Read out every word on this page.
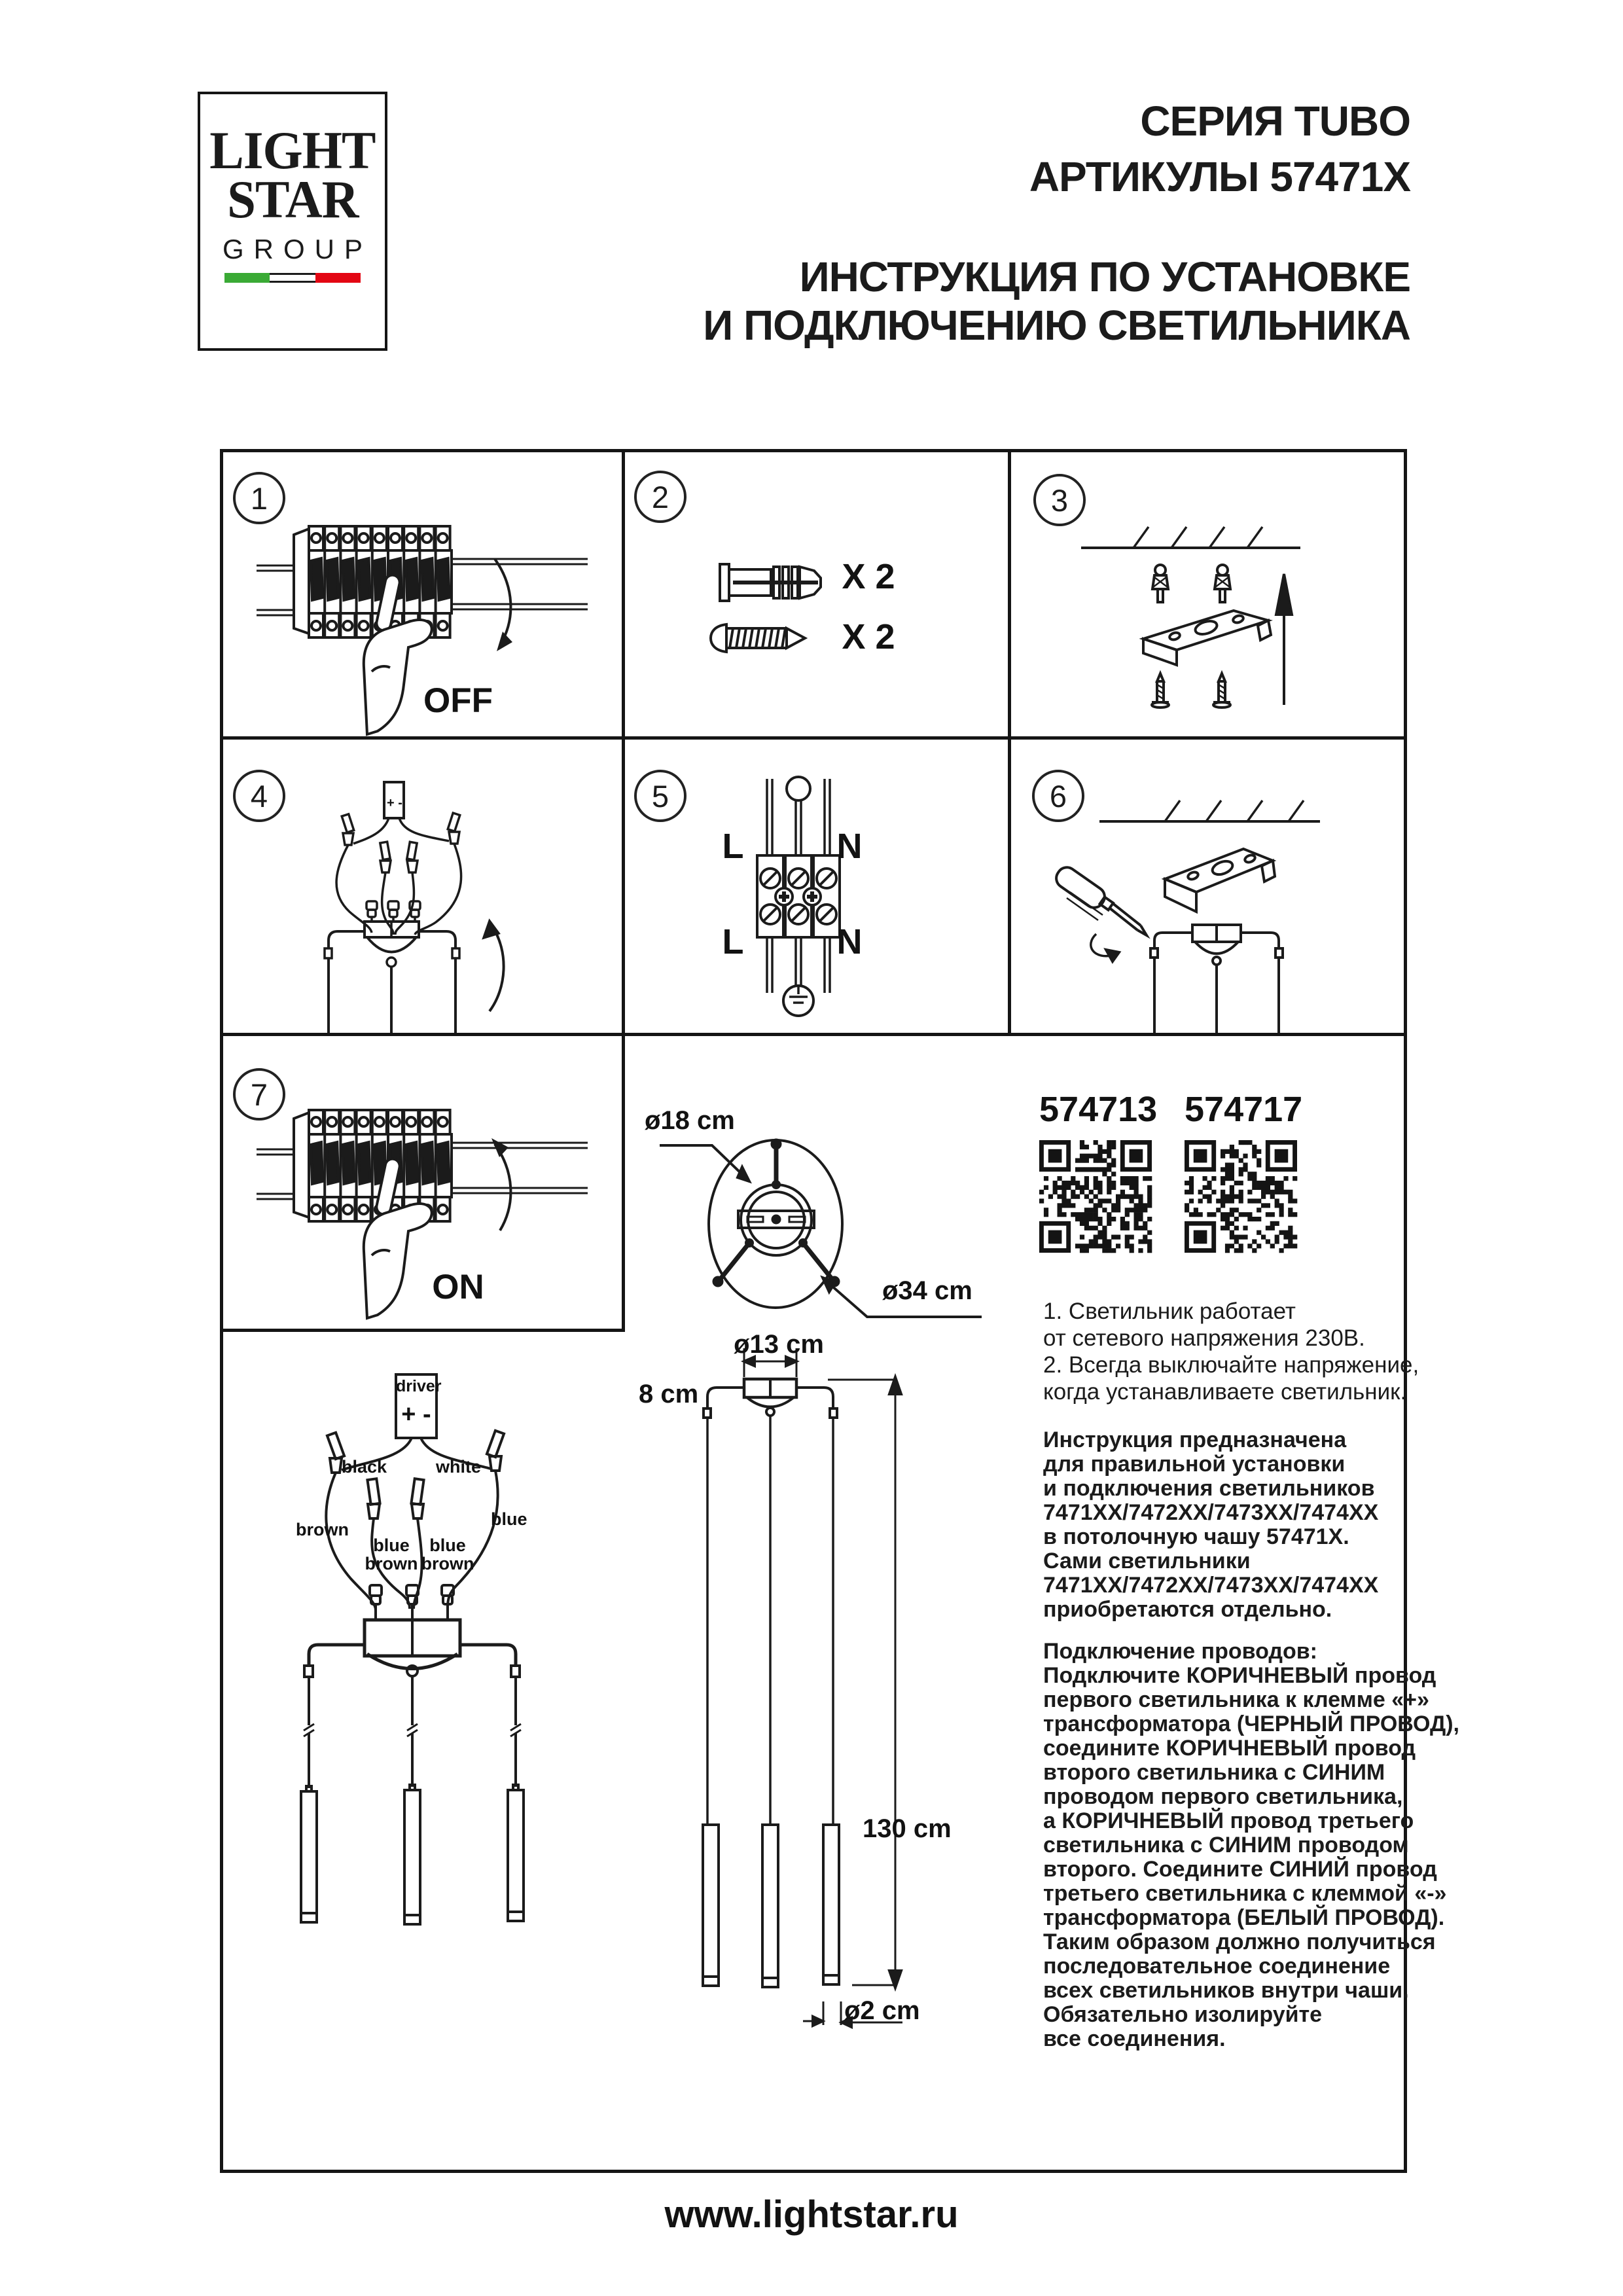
LIGHT
STAR
GROUP
СЕРИЯ TUBO
АРТИКУЛЫ 57471X
ИНСТРУКЦИЯ ПО УСТАНОВКЕ
И ПОДКЛЮЧЕНИЮ СВЕТИЛЬНИКА
1	2	3
4	5	6
7
OFF
X 2
X 2
+ -
L	N
L	N
ON
ø18 cm
ø34 cm
574713 574717
1. Светильник работает
от сетевого напряжения 230В.
2. Всегда выключайте напряжение,
когда устанавливаете светильник.
Инструкция предназначена
для правильной установки
и подключения светильников
7471ХХ/7472ХХ/7473ХХ/7474ХХ
в потолочную чашу 57471Х.
Сами светильники
7471ХХ/7472ХХ/7473ХХ/7474ХХ
приобретаются отдельно.
Подключение проводов:
Подключите КОРИЧНЕВЫЙ провод
первого светильника к клемме «+»
трансформатора (ЧЕРНЫЙ ПРОВОД),
соедините КОРИЧНЕВЫЙ провод
второго светильника с СИНИМ
проводом первого светильника,
а КОРИЧНЕВЫЙ провод третьего
светильника с СИНИМ проводом
второго. Соедините СИНИЙ провод
третьего светильника с клеммой «-»
трансформатора (БЕЛЫЙ ПРОВОД).
Таким образом должно получиться
последовательное соединение
всех светильников внутри чаши.
Обязательно изолируйте
все соединения.
driver
+ -
black	white
brown
blue
blue
brown
blue
brown
ø13 cm
8 cm
130 cm
ø2 cm
www.lightstar.ru
